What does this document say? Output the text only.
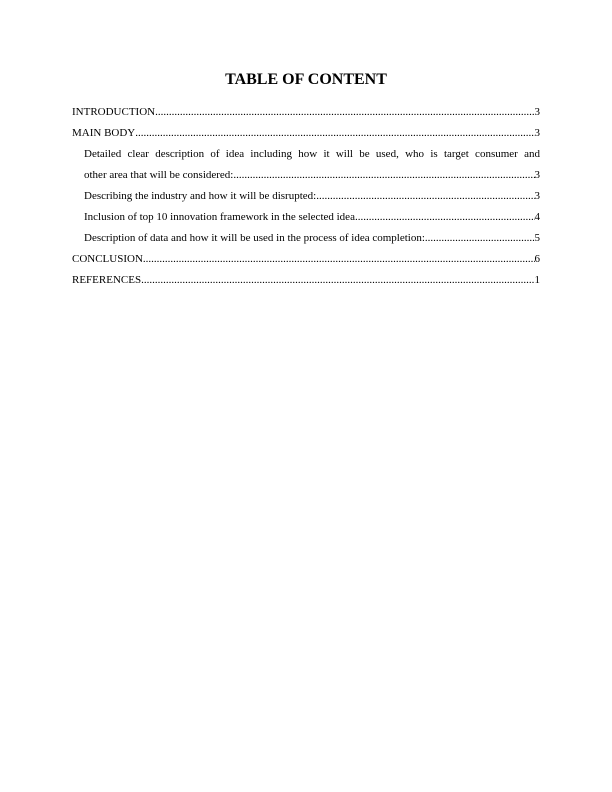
TABLE OF CONTENT
INTRODUCTION .....	3
MAIN BODY .....	3
Detailed clear description of idea including how it will be used, who is target consumer and
other area that will be considered: .....	3
Describing the industry and how it will be disrupted: .....	3
Inclusion of top 10 innovation framework in the selected idea .....	4
Description of data and how it will be used in the process of idea completion: .....	5
CONCLUSION .....	6
REFERENCES .....	1
